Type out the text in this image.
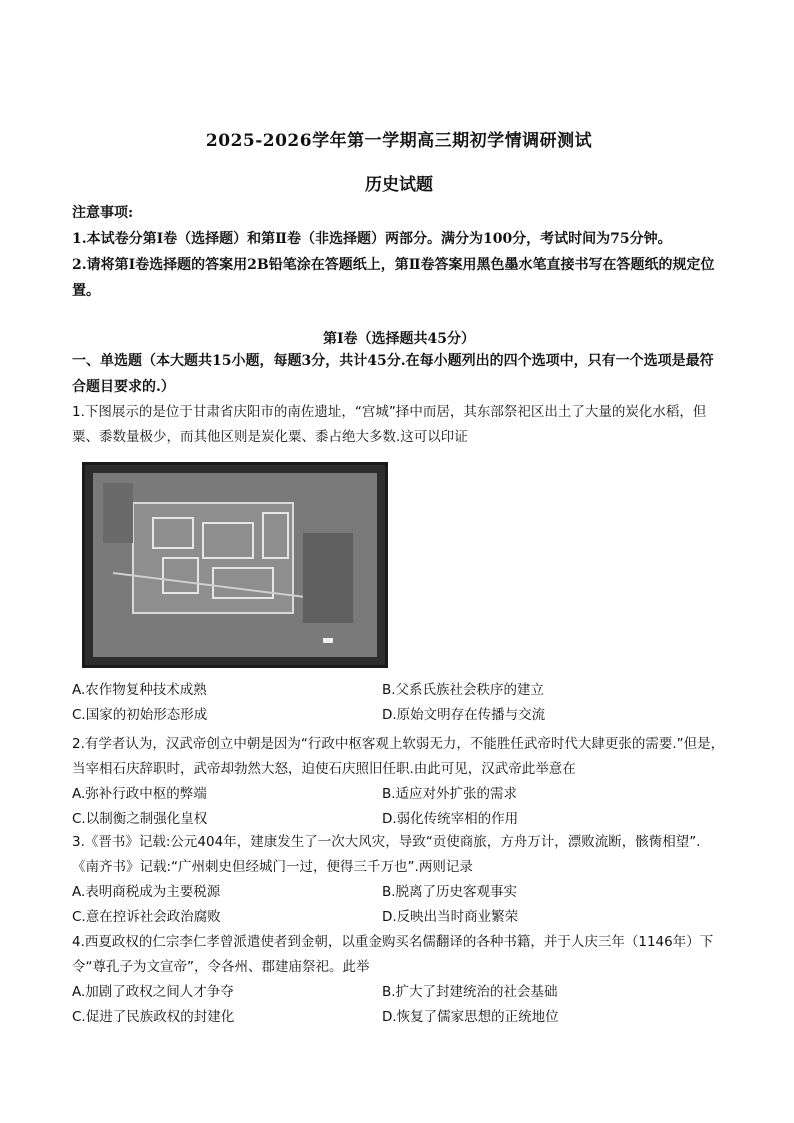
2025-2026学年第一学期高三期初学情调研测试
历史试题
注意事项:
1.本试卷分第Ⅰ卷（选择题）和第Ⅱ卷（非选择题）两部分。满分为100分，考试时间为75分钟。
2.请将第Ⅰ卷选择题的答案用2B铅笔涂在答题纸上，第Ⅱ卷答案用黑色墨水笔直接书写在答题纸的规定位置。
第Ⅰ卷（选择题共45分）
一、单选题（本大题共15小题，每题3分，共计45分.在每小题列出的四个选项中，只有一个选项是最符合题目要求的.）
1.下图展示的是位于甘肃省庆阳市的南佐遗址，“宫城”择中而居，其东部祭祀区出土了大量的炭化水稻，但粟、黍数量极少，而其他区则是炭化粟、黍占绝大多数.这可以印证
A.农作物复种技术成熟	B.父系氏族社会秩序的建立
C.国家的初始形态形成	D.原始文明存在传播与交流
2.有学者认为，汉武帝创立中朝是因为“行政中枢客观上软弱无力，不能胜任武帝时代大肆更张的需要.”但是，当宰相石庆辞职时，武帝却勃然大怒，迫使石庆照旧任职.由此可见，汉武帝此举意在
A.弥补行政中枢的弊端	B.适应对外扩张的需求
C.以制衡之制强化皇权	D.弱化传统宰相的作用
3.《晋书》记载:公元404年，建康发生了一次大风灾，导致“贡使商旅，方舟万计，漂败流断，骸胔相望”.《南齐书》记载:“广州刺史但经城门一过，便得三千万也”.两则记录
A.表明商税成为主要税源	B.脱离了历史客观事实
C.意在控诉社会政治腐败	D.反映出当时商业繁荣
4.西夏政权的仁宗李仁孝曾派遣使者到金朝，以重金购买名儒翻译的各种书籍，并于人庆三年（1146年）下令“尊孔子为文宣帝”，令各州、郡建庙祭祀。此举
A.加剧了政权之间人才争夺	B.扩大了封建统治的社会基础
C.促进了民族政权的封建化	D.恢复了儒家思想的正统地位
